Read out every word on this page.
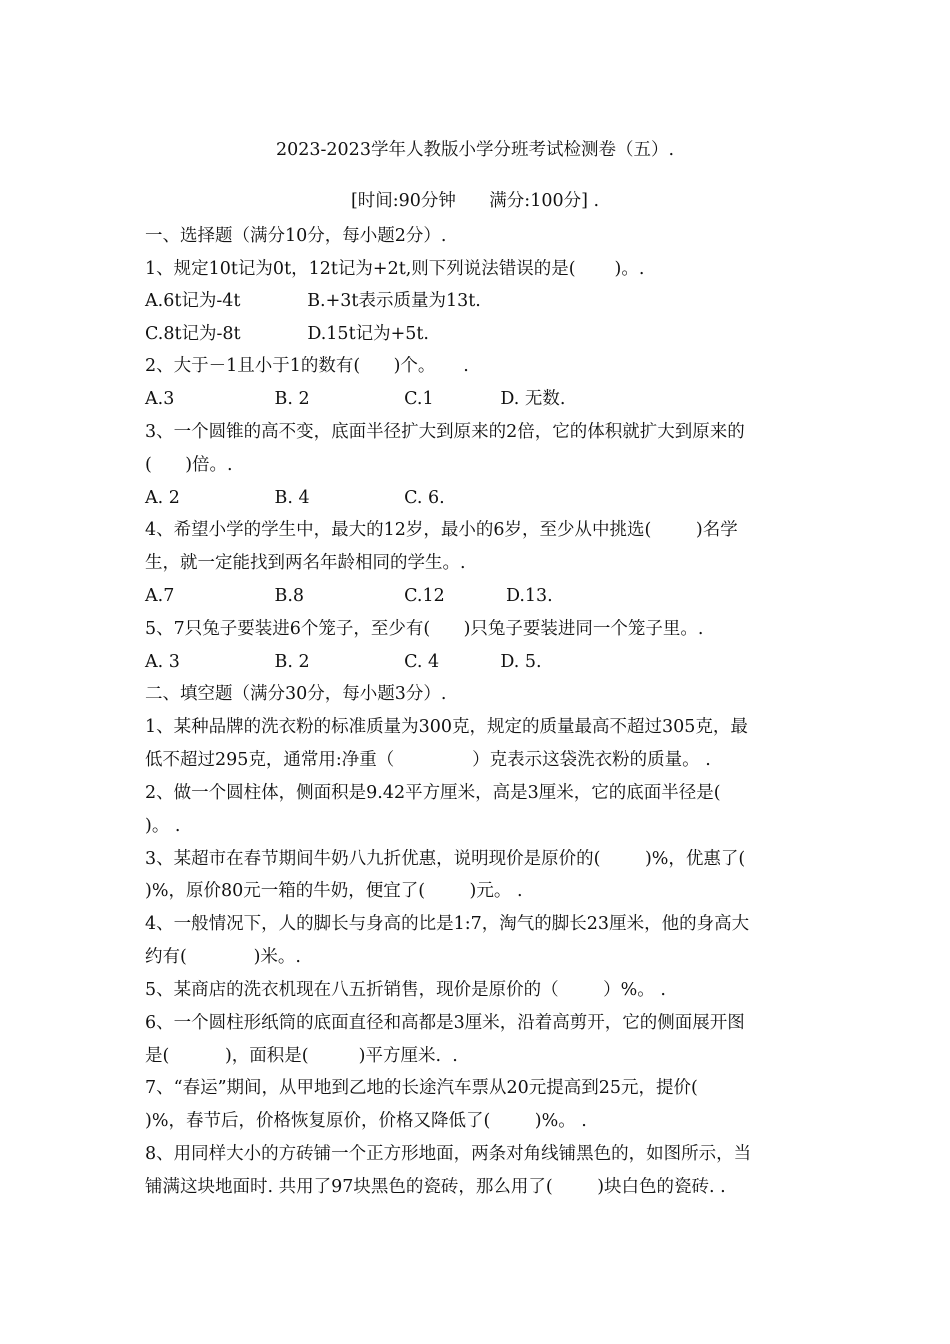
2023-2023学年人教版小学分班考试检测卷（五）.
[时间:90分钟      满分:100分] .
一、选择题（满分10分，每小题2分）.
1、规定10t记为0t，12t记为+2t,则下列说法错误的是(       )。.
A.6t记为-4t            B.+3t表示质量为13t.
C.8t记为-8t            D.15t记为+5t.
2、大于－1且小于1的数有(      )个。     .
A.3                  B. 2                 C.1            D. 无数.
3、一个圆锥的高不变，底面半径扩大到原来的2倍，它的体积就扩大到原来的
(      )倍。.
A. 2                 B. 4                 C. 6.
4、希望小学的学生中，最大的12岁，最小的6岁，至少从中挑选(        )名学
生，就一定能找到两名年龄相同的学生。.
A.7                  B.8                  C.12           D.13.
5、7只兔子要装进6个笼子，至少有(      )只兔子要装进同一个笼子里。.
A. 3                 B. 2                 C. 4           D. 5.
二、填空题（满分30分，每小题3分）.
1、某种品牌的洗衣粉的标准质量为300克，规定的质量最高不超过305克，最
低不超过295克，通常用:净重（              ）克表示这袋洗衣粉的质量。 .
2、做一个圆柱体，侧面积是9.42平方厘米，高是3厘米，它的底面半径是(
)。 .
3、某超市在春节期间牛奶八九折优惠，说明现价是原价的(        )%，优惠了(
)%，原价80元一箱的牛奶，便宜了(        )元。 .
4、一般情况下，人的脚长与身高的比是1:7，淘气的脚长23厘米，他的身高大
约有(            )米。.
5、某商店的洗衣机现在八五折销售，现价是原价的（        ）%。 .
6、一个圆柱形纸筒的底面直径和高都是3厘米，沿着高剪开，它的侧面展开图
是(          )，面积是(         )平方厘米.  .
7、“春运”期间，从甲地到乙地的长途汽车票从20元提高到25元，提价(
)%，春节后，价格恢复原价，价格又降低了(        )%。 .
8、用同样大小的方砖铺一个正方形地面，两条对角线铺黑色的，如图所示，当
铺满这块地面时. 共用了97块黑色的瓷砖，那么用了(        )块白色的瓷砖. .
